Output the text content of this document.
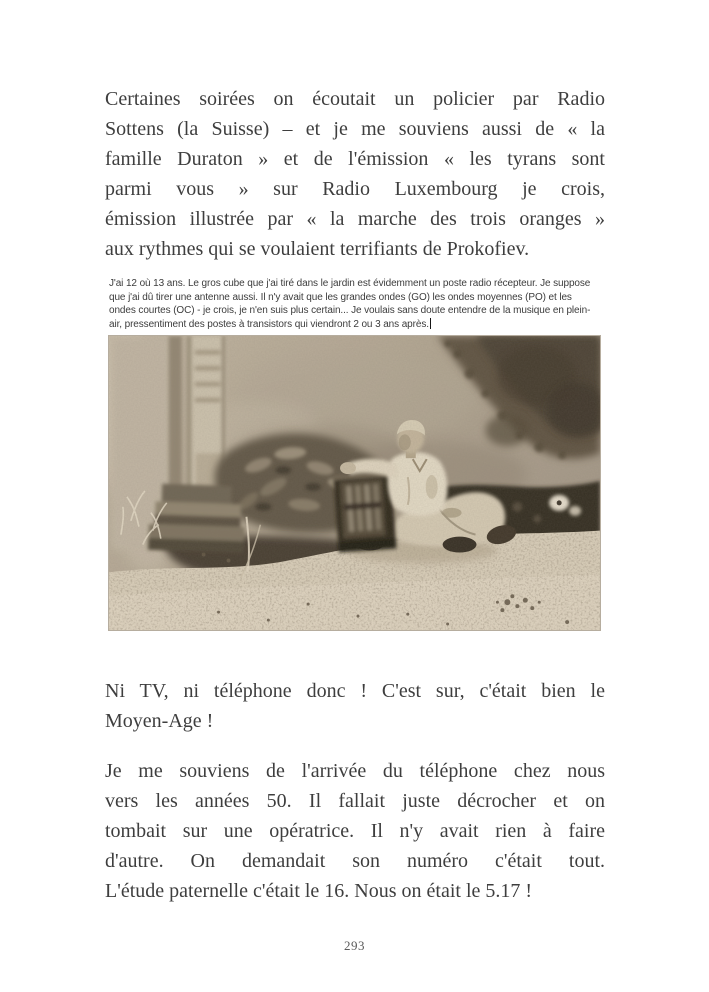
Certaines soirées on écoutait un policier par Radio
Sottens (la Suisse) – et je me souviens aussi de « la
famille Duraton » et de l'émission « les tyrans sont
parmi vous » sur Radio Luxembourg je crois,
émission illustrée par « la marche des trois oranges »
aux rythmes qui se voulaient terrifiants de Prokofiev.
J'ai 12 où 13 ans. Le gros cube que j'ai tiré dans le jardin est évidemment un poste radio récepteur. Je suppose que j'ai dû tirer une antenne aussi. Il n'y avait que les grandes ondes (GO) les ondes moyennes (PO) et les ondes courtes (OC) - je crois, je n'en suis plus certain... Je voulais sans doute entendre de la musique en plein-air, pressentiment des postes à transistors qui viendront 2 ou 3 ans après.
Ni TV, ni téléphone donc ! C'est sur, c'était bien le
Moyen-Age !
Je me souviens de l'arrivée du téléphone chez nous
vers les années 50. Il fallait juste décrocher et on
tombait sur une opératrice. Il n'y avait rien à faire
d'autre. On demandait son numéro c'était tout.
L'étude paternelle c'était le 16. Nous on était le 5.17 !
293
